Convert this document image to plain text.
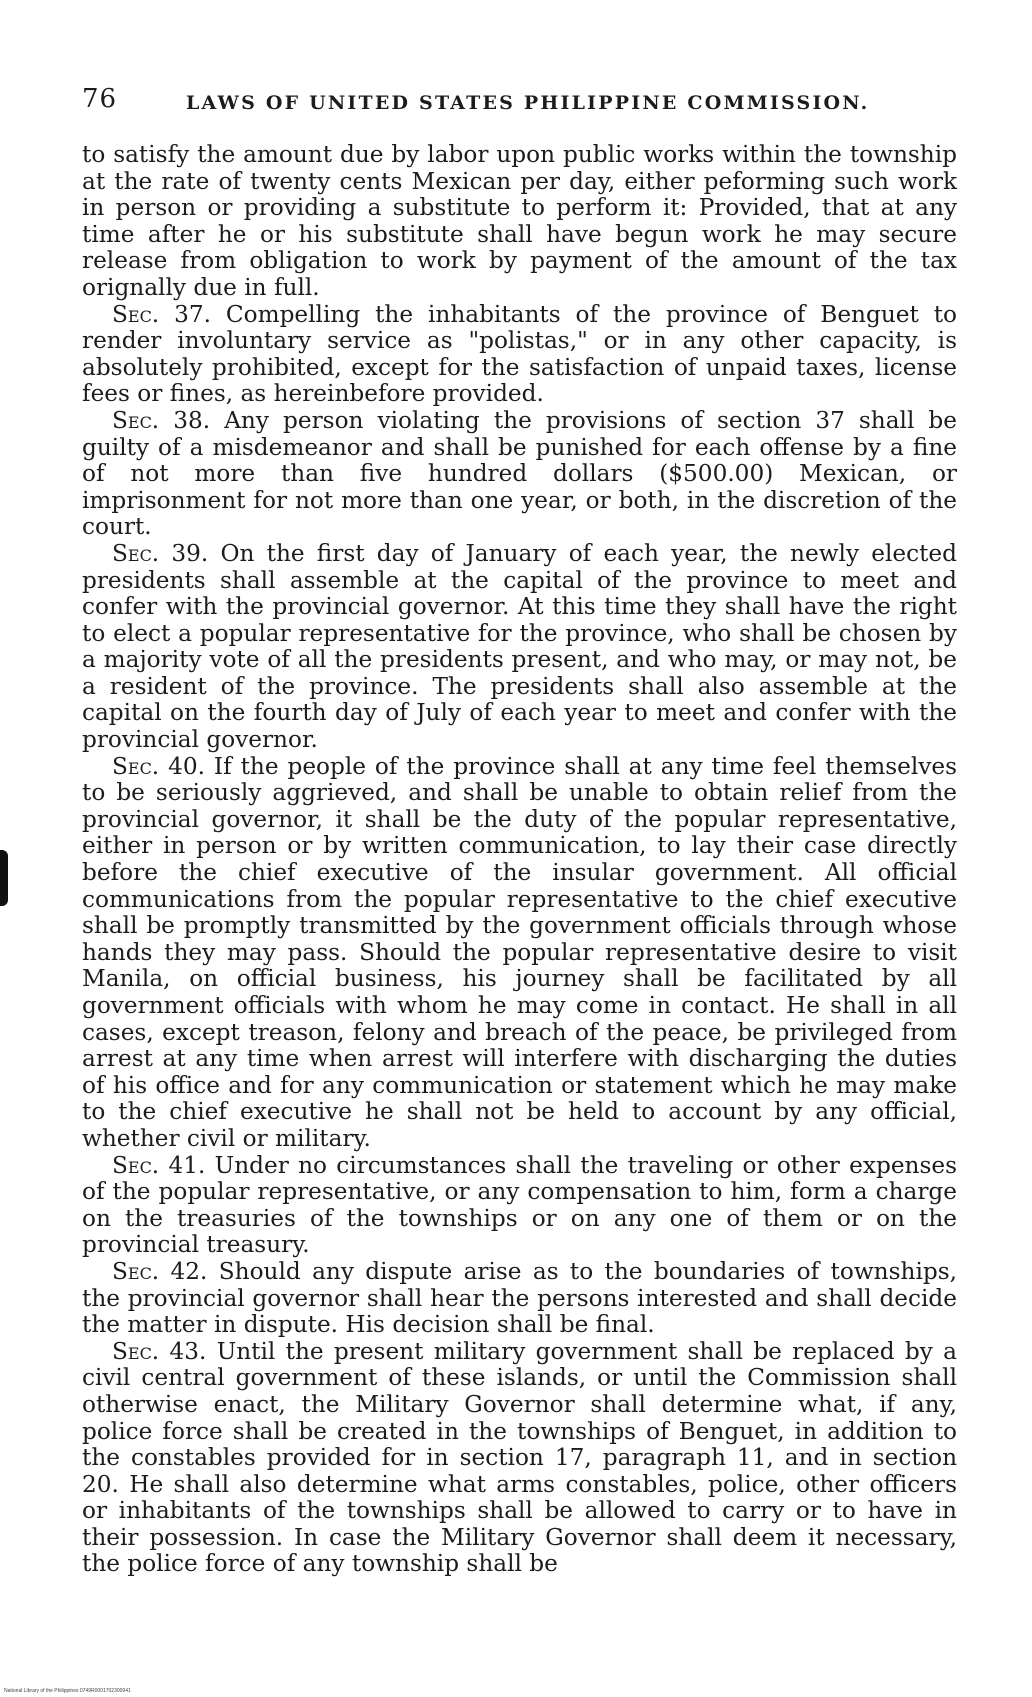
76	LAWS OF UNITED STATES PHILIPPINE COMMISSION.

to satisfy the amount due by labor upon public works within the township at the rate of twenty cents Mexican per day, either peforming such work in person or providing a substitute to perform it: Provided, that at any time after he or his substitute shall have begun work he may secure release from obligation to work by payment of the amount of the tax orignally due in full.

Sec. 37. Compelling the inhabitants of the province of Benguet to render involuntary service as "polistas," or in any other capacity, is absolutely prohibited, except for the satisfaction of unpaid taxes, license fees or fines, as hereinbefore provided.

Sec. 38. Any person violating the provisions of section 37 shall be guilty of a misdemeanor and shall be punished for each offense by a fine of not more than five hundred dollars ($500.00) Mexican, or imprisonment for not more than one year, or both, in the discretion of the court.

Sec. 39. On the first day of January of each year, the newly elected presidents shall assemble at the capital of the province to meet and confer with the provincial governor. At this time they shall have the right to elect a popular representative for the province, who shall be chosen by a majority vote of all the presidents present, and who may, or may not, be a resident of the province. The presidents shall also assemble at the capital on the fourth day of July of each year to meet and confer with the provincial governor.

Sec. 40. If the people of the province shall at any time feel themselves to be seriously aggrieved, and shall be unable to obtain relief from the provincial governor, it shall be the duty of the popular representative, either in person or by written communication, to lay their case directly before the chief executive of the insular government. All official communications from the popular representative to the chief executive shall be promptly transmitted by the government officials through whose hands they may pass. Should the popular representative desire to visit Manila, on official business, his journey shall be facilitated by all government officials with whom he may come in contact. He shall in all cases, except treason, felony and breach of the peace, be privileged from arrest at any time when arrest will interfere with discharging the duties of his office and for any communication or statement which he may make to the chief executive he shall not be held to account by any official, whether civil or military.

Sec. 41. Under no circumstances shall the traveling or other expenses of the popular representative, or any compensation to him, form a charge on the treasuries of the townships or on any one of them or on the provincial treasury.

Sec. 42. Should any dispute arise as to the boundaries of townships, the provincial governor shall hear the persons interested and shall decide the matter in dispute. His decision shall be final.

Sec. 43. Until the present military government shall be replaced by a civil central government of these islands, or until the Commission shall otherwise enact, the Military Governor shall determine what, if any, police force shall be created in the townships of Benguet, in addition to the constables provided for in section 17, paragraph 11, and in section 20. He shall also determine what arms constables, police, other officers or inhabitants of the townships shall be allowed to carry or to have in their possession. In case the Military Governor shall deem it necessary, the police force of any township shall be

National Library of the Philippines 0749R0001702300941
